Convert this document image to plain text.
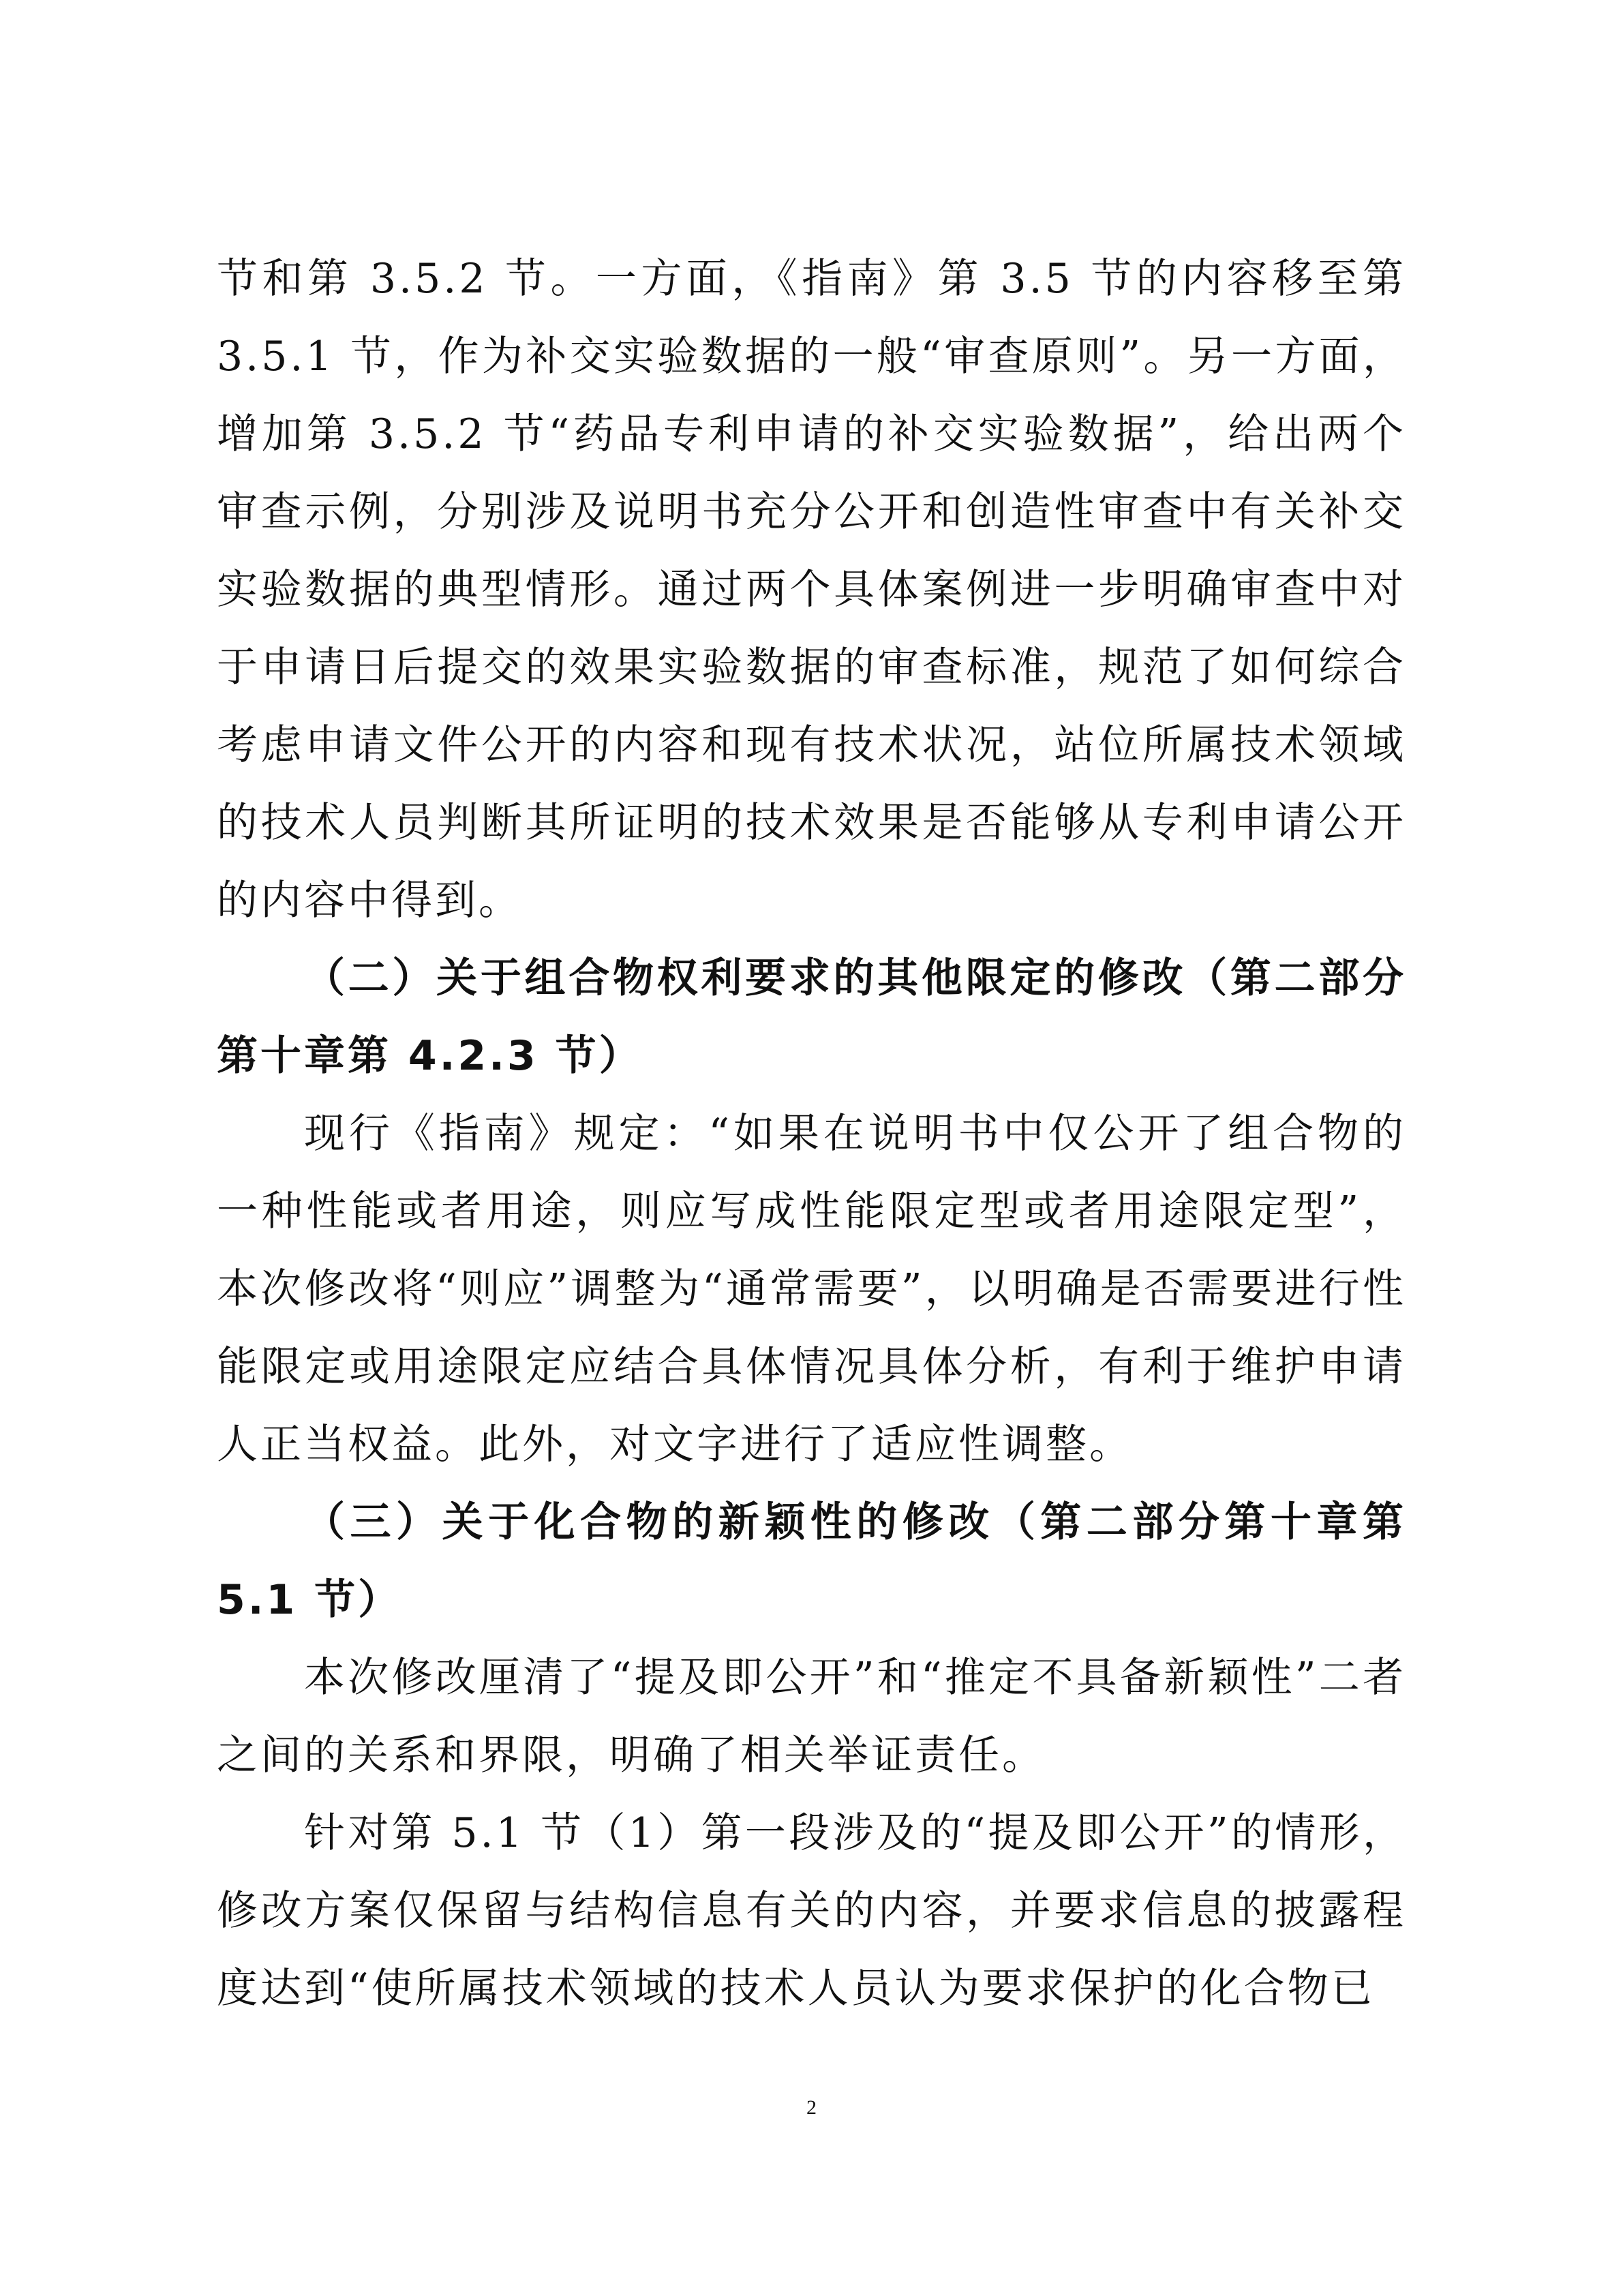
节和第 3.5.2 节。一方面，《指南》第 3.5 节的内容移至第 3.5.1 节，作为补交实验数据的一般“审查原则”。另一方面，增加第 3.5.2 节“药品专利申请的补交实验数据”，给出两个审查示例，分别涉及说明书充分公开和创造性审查中有关补交实验数据的典型情形。通过两个具体案例进一步明确审查中对于申请日后提交的效果实验数据的审查标准，规范了如何综合考虑申请文件公开的内容和现有技术状况，站位所属技术领域的技术人员判断其所证明的技术效果是否能够从专利申请公开的内容中得到。

（二）关于组合物权利要求的其他限定的修改（第二部分第十章第 4.2.3 节）

现行《指南》规定：“如果在说明书中仅公开了组合物的一种性能或者用途，则应写成性能限定型或者用途限定型”，本次修改将“则应”调整为“通常需要”，以明确是否需要进行性能限定或用途限定应结合具体情况具体分析，有利于维护申请人正当权益。此外，对文字进行了适应性调整。

（三）关于化合物的新颖性的修改（第二部分第十章第 5.1 节）

本次修改厘清了“提及即公开”和“推定不具备新颖性”二者之间的关系和界限，明确了相关举证责任。

针对第 5.1 节（1）第一段涉及的“提及即公开”的情形，修改方案仅保留与结构信息有关的内容，并要求信息的披露程度达到“使所属技术领域的技术人员认为要求保护的化合物已

2
